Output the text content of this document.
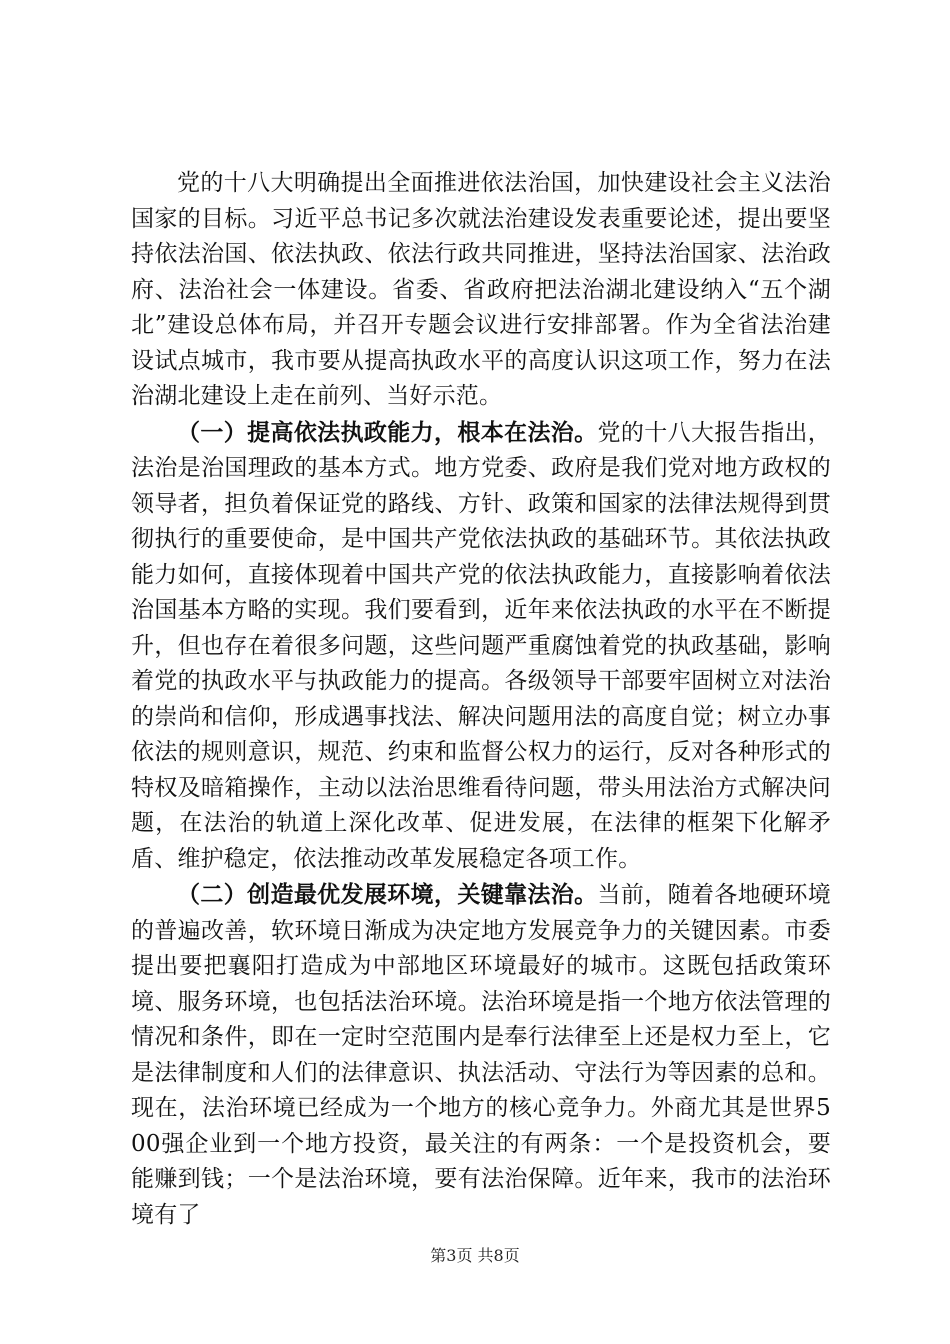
党的十八大明确提出全面推进依法治国，加快建设社会主义法治国家的目标。习近平总书记多次就法治建设发表重要论述，提出要坚持依法治国、依法执政、依法行政共同推进，坚持法治国家、法治政府、法治社会一体建设。省委、省政府把法治湖北建设纳入“五个湖北”建设总体布局，并召开专题会议进行安排部署。作为全省法治建设试点城市，我市要从提高执政水平的高度认识这项工作，努力在法治湖北建设上走在前列、当好示范。

（一）提高依法执政能力，根本在法治。党的十八大报告指出，法治是治国理政的基本方式。地方党委、政府是我们党对地方政权的领导者，担负着保证党的路线、方针、政策和国家的法律法规得到贯彻执行的重要使命，是中国共产党依法执政的基础环节。其依法执政能力如何，直接体现着中国共产党的依法执政能力，直接影响着依法治国基本方略的实现。我们要看到，近年来依法执政的水平在不断提升，但也存在着很多问题，这些问题严重腐蚀着党的执政基础，影响着党的执政水平与执政能力的提高。各级领导干部要牢固树立对法治的崇尚和信仰，形成遇事找法、解决问题用法的高度自觉；树立办事依法的规则意识，规范、约束和监督公权力的运行，反对各种形式的特权及暗箱操作，主动以法治思维看待问题，带头用法治方式解决问题，在法治的轨道上深化改革、促进发展，在法律的框架下化解矛盾、维护稳定，依法推动改革发展稳定各项工作。

（二）创造最优发展环境，关键靠法治。当前，随着各地硬环境的普遍改善，软环境日渐成为决定地方发展竞争力的关键因素。市委提出要把襄阳打造成为中部地区环境最好的城市。这既包括政策环境、服务环境，也包括法治环境。法治环境是指一个地方依法管理的情况和条件，即在一定时空范围内是奉行法律至上还是权力至上，它是法律制度和人们的法律意识、执法活动、守法行为等因素的总和。现在，法治环境已经成为一个地方的核心竞争力。外商尤其是世界500强企业到一个地方投资，最关注的有两条：一个是投资机会，要能赚到钱；一个是法治环境，要有法治保障。近年来，我市的法治环境有了

第3页 共8页
